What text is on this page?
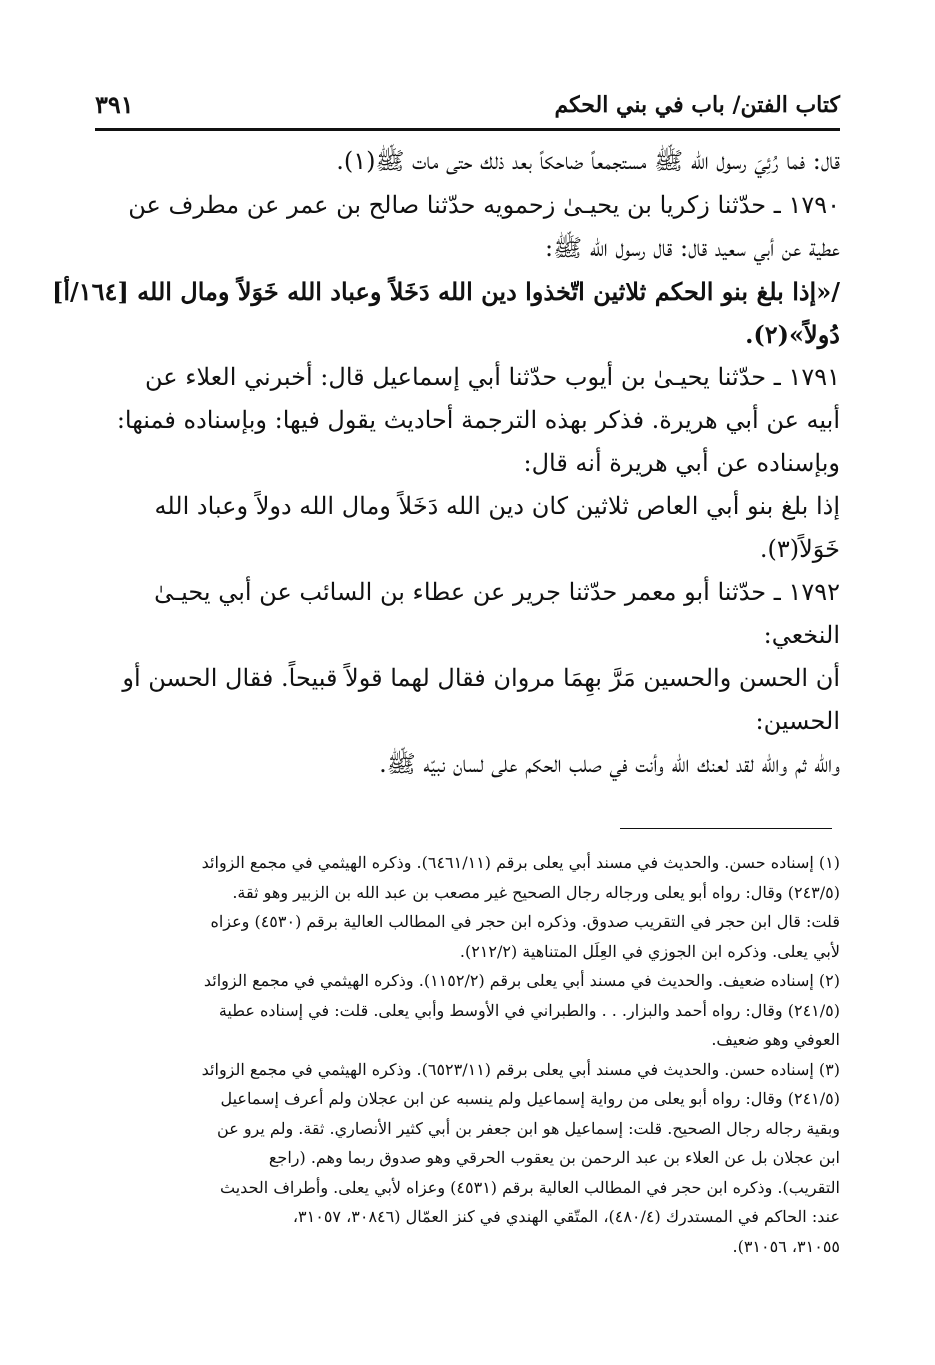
كتاب الفتن/ باب في بني الحكم
٣٩١
قال: فما رُئِيَ رسول الله ﷺ مستجمعاً ضاحكاً بعد ذلك حتى مات ﷺ(١).
١٧٩٠ ـ حدّثنا زكريا بن يحيـىٰ زحمويه حدّثنا صالح بن عمر عن مطرف عن
عطية عن أبي سعيد قال: قال رسول الله ﷺ:
/«إذا بلغ بنو الحكم ثلاثين اتّخذوا دين الله دَخَلاً وعباد الله خَوَلاً ومال الله [١٦٤/أ]
دُولاً»(٢).
١٧٩١ ـ حدّثنا يحيـىٰ بن أيوب حدّثنا أبي إسماعيل قال: أخبرني العلاء عن
أبيه عن أبي هريرة. فذكر بهذه الترجمة أحاديث يقول فيها: وبإسناده فمنها:
وبإسناده عن أبي هريرة أنه قال:
إذا بلغ بنو أبي العاص ثلاثين كان دين الله دَخَلاً ومال الله دولاً وعباد الله
خَوَلاً(٣).
١٧٩٢ ـ حدّثنا أبو معمر حدّثنا جرير عن عطاء بن السائب عن أبي يحيـىٰ
النخعي:
أن الحسن والحسين مَرَّ بهِمَا مروان فقال لهما قولاً قبيحاً. فقال الحسن أو
الحسين:
والله ثم والله لقد لعنك الله وأنت في صلب الحكم على لسان نبيّه ﷺ.
(١) إسناده حسن. والحديث في مسند أبي يعلى برقم (٦٤٦١/١١). وذكره الهيثمي في مجمع الزوائد
(٢٤٣/٥) وقال: رواه أبو يعلى ورجاله رجال الصحيح غير مصعب بن عبد الله بن الزبير وهو ثقة.
قلت: قال ابن حجر في التقريب صدوق. وذكره ابن حجر في المطالب العالية برقم (٤٥٣٠) وعزاه
لأبي يعلى. وذكره ابن الجوزي في العِلَل المتناهية (٢١٢/٢).
(٢) إسناده ضعيف. والحديث في مسند أبي يعلى برقم (١١٥٢/٢). وذكره الهيثمي في مجمع الزوائد
(٢٤١/٥) وقال: رواه أحمد والبزار. . . والطبراني في الأوسط وأبي يعلى. قلت: في إسناده عطية
العوفي وهو ضعيف.
(٣) إسناده حسن. والحديث في مسند أبي يعلى برقم (٦٥٢٣/١١). وذكره الهيثمي في مجمع الزوائد
(٢٤١/٥) وقال: رواه أبو يعلى من رواية إسماعيل ولم ينسبه عن ابن عجلان ولم أعرف إسماعيل
وبقية رجاله رجال الصحيح. قلت: إسماعيل هو ابن جعفر بن أبي كثير الأنصاري. ثقة. ولم يرو عن
ابن عجلان بل عن العلاء بن عبد الرحمن بن يعقوب الحرقي وهو صدوق ربما وهم. (راجع
التقريب). وذكره ابن حجر في المطالب العالية برقم (٤٥٣١) وعزاه لأبي يعلى. وأطراف الحديث
عند: الحاكم في المستدرك (٤٨٠/٤)، المتّقي الهندي في كنز العمّال (٣٠٨٤٦، ٣١٠٥٧،
٣١٠٥٥، ٣١٠٥٦).
